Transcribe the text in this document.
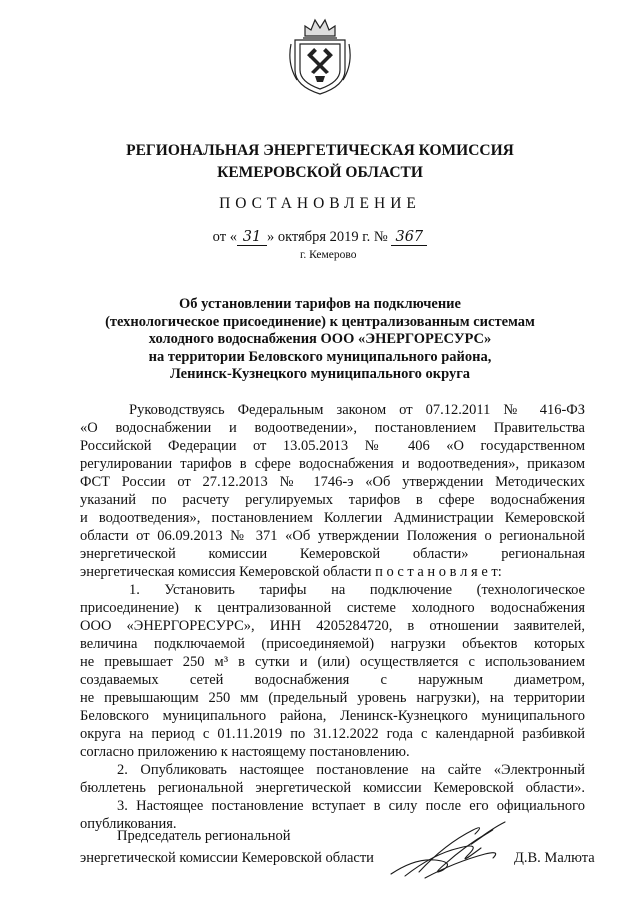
РЕГИОНАЛЬНАЯ ЭНЕРГЕТИЧЕСКАЯ КОМИССИЯ
КЕМЕРОВСКОЙ ОБЛАСТИ
ПОСТАНОВЛЕНИЕ
от « 31 » октября 2019 г. № 367
г. Кемерово
Об установлении тарифов на подключение
(технологическое присоединение) к централизованным системам
холодного водоснабжения ООО «ЭНЕРГОРЕСУРС»
на территории Беловского муниципального района,
Ленинск-Кузнецкого муниципального округа
Руководствуясь Федеральным законом от 07.12.2011 № 416-ФЗ
«О водоснабжении и водоотведении», постановлением Правительства
Российской Федерации от 13.05.2013 № 406 «О государственном
регулировании тарифов в сфере водоснабжения и водоотведения», приказом
ФСТ России от 27.12.2013 № 1746-э «Об утверждении Методических
указаний по расчету регулируемых тарифов в сфере водоснабжения
и водоотведения», постановлением Коллегии Администрации Кемеровской
области от 06.09.2013 № 371 «Об утверждении Положения о региональной
энергетической комиссии Кемеровской области» региональная
энергетическая комиссия Кемеровской области п о с т а н о в л я е т:
1. Установить тарифы на подключение (технологическое
присоединение) к централизованной системе холодного водоснабжения
ООО «ЭНЕРГОРЕСУРС», ИНН 4205284720, в отношении заявителей,
величина подключаемой (присоединяемой) нагрузки объектов которых
не превышает 250 м³ в сутки и (или) осуществляется с использованием
создаваемых сетей водоснабжения с наружным диаметром,
не превышающим 250 мм (предельный уровень нагрузки), на территории
Беловского муниципального района, Ленинск-Кузнецкого муниципального
округа на период с 01.11.2019 по 31.12.2022 года с календарной разбивкой
согласно приложению к настоящему постановлению.
2. Опубликовать настоящее постановление на сайте «Электронный
бюллетень региональной энергетической комиссии Кемеровской области».
3. Настоящее постановление вступает в силу после его официального
опубликования.
Председатель региональной
энергетической комиссии Кемеровской области	Д.В. Малюта
